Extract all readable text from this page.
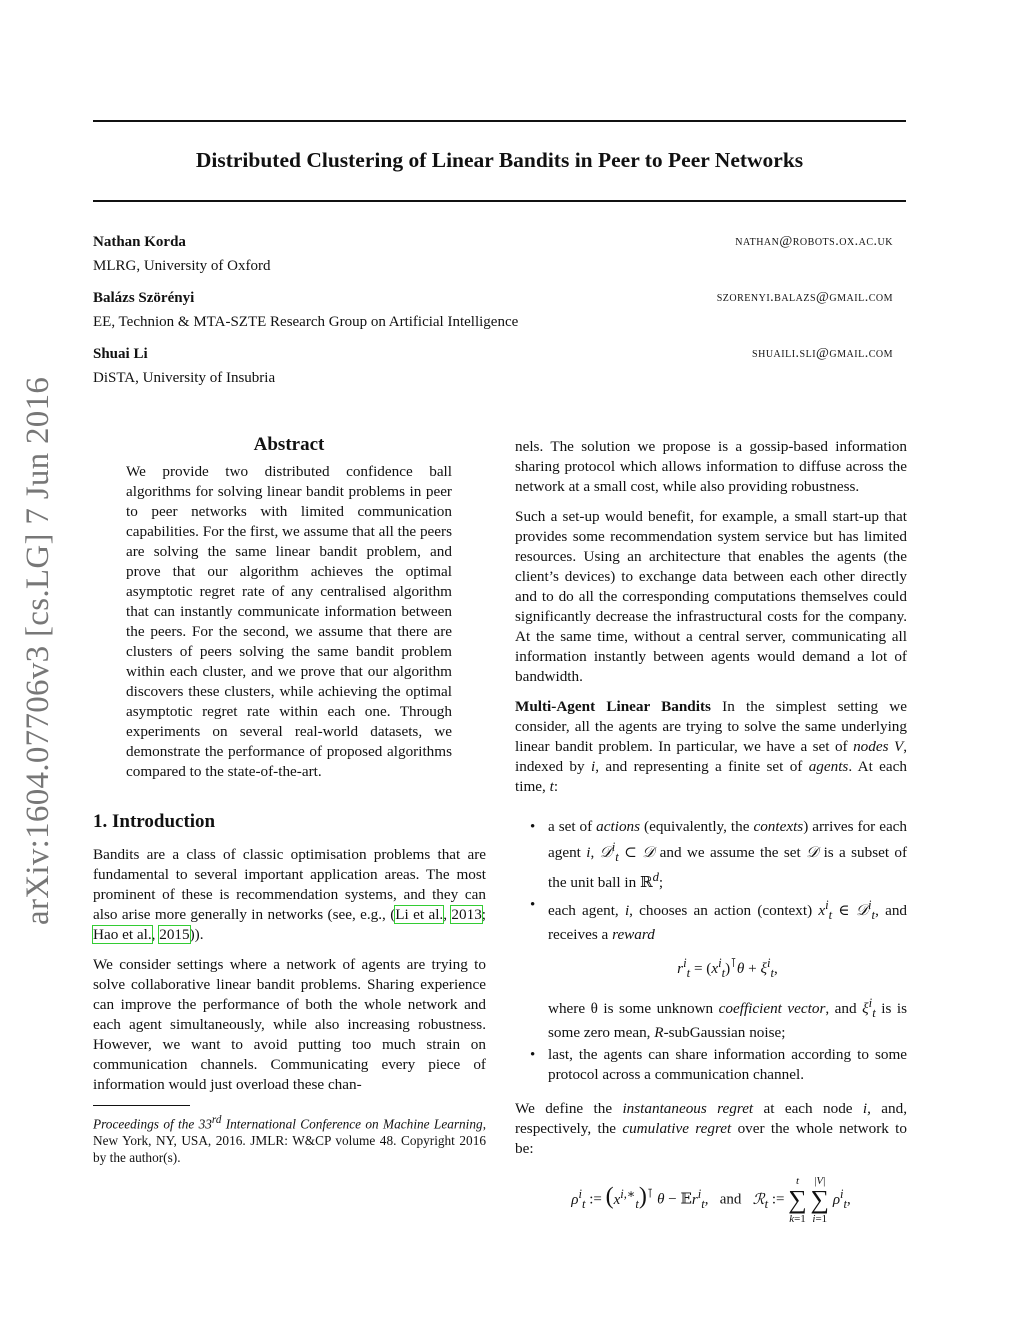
arXiv:1604.07706v3 [cs.LG] 7 Jun 2016
Distributed Clustering of Linear Bandits in Peer to Peer Networks
Nathan Korda
MLRG, University of Oxford
nathan@robots.ox.ac.uk
Balázs Szörényi
EE, Technion & MTA-SZTE Research Group on Artificial Intelligence
szorenyi.balazs@gmail.com
Shuai Li
DiSTA, University of Insubria
shuaili.sli@gmail.com
Abstract

We provide two distributed confidence ball algorithms for solving linear bandit problems in peer to peer networks with limited communication capabilities. For the first, we assume that all the peers are solving the same linear bandit problem, and prove that our algorithm achieves the optimal asymptotic regret rate of any centralised algorithm that can instantly communicate information between the peers. For the second, we assume that there are clusters of peers solving the same bandit problem within each cluster, and we prove that our algorithm discovers these clusters, while achieving the optimal asymptotic regret rate within each one. Through experiments on several real-world datasets, we demonstrate the performance of proposed algorithms compared to the state-of-the-art.

1. Introduction

Bandits are a class of classic optimisation problems that are fundamental to several important application areas. The most prominent of these is recommendation systems, and they can also arise more generally in networks (see, e.g., (Li et al., 2013; Hao et al., 2015)).

We consider settings where a network of agents are trying to solve collaborative linear bandit problems. Sharing experience can improve the performance of both the whole network and each agent simultaneously, while also increasing robustness. However, we want to avoid putting too much strain on communication channels. Communicating every piece of information would just overload these chan-

Proceedings of the 33rd International Conference on Machine Learning, New York, NY, USA, 2016. JMLR: W&CP volume 48. Copyright 2016 by the author(s).

nels. The solution we propose is a gossip-based information sharing protocol which allows information to diffuse across the network at a small cost, while also providing robustness.

Such a set-up would benefit, for example, a small start-up that provides some recommendation system service but has limited resources. Using an architecture that enables the agents (the client’s devices) to exchange data between each other directly and to do all the corresponding computations themselves could significantly decrease the infrastructural costs for the company. At the same time, without a central server, communicating all information instantly between agents would demand a lot of bandwidth.

Multi-Agent Linear Bandits In the simplest setting we consider, all the agents are trying to solve the same underlying linear bandit problem. In particular, we have a set of nodes V, indexed by i, and representing a finite set of agents. At each time, t:

• a set of actions (equivalently, the contexts) arrives for each agent i, 𝒟$^i_t$ ⊂ 𝒟 and we assume the set 𝒟 is a subset of the unit ball in ℝ$^d$;
• each agent, i, chooses an action (context) $x^i_t$ ∈ 𝒟$^i_t$, and receives a reward
$r^i_t = (x^i_t)^⊺\theta + \xi^i_t$,
where θ is some unknown coefficient vector, and $\xi^i_t$ is is some zero mean, R-subGaussian noise;
• last, the agents can share information according to some protocol across a communication channel.

We define the instantaneous regret at each node i, and, respectively, the cumulative regret over the whole network to be:

$\rho^i_t$ := $(x^{i,∗}_t)^⊺$ θ − 𝔼r$^i_t$,   and ℛ$_t$ :=
t
∑
k=1

|V|
∑
i=1
$\rho^i_t$,
